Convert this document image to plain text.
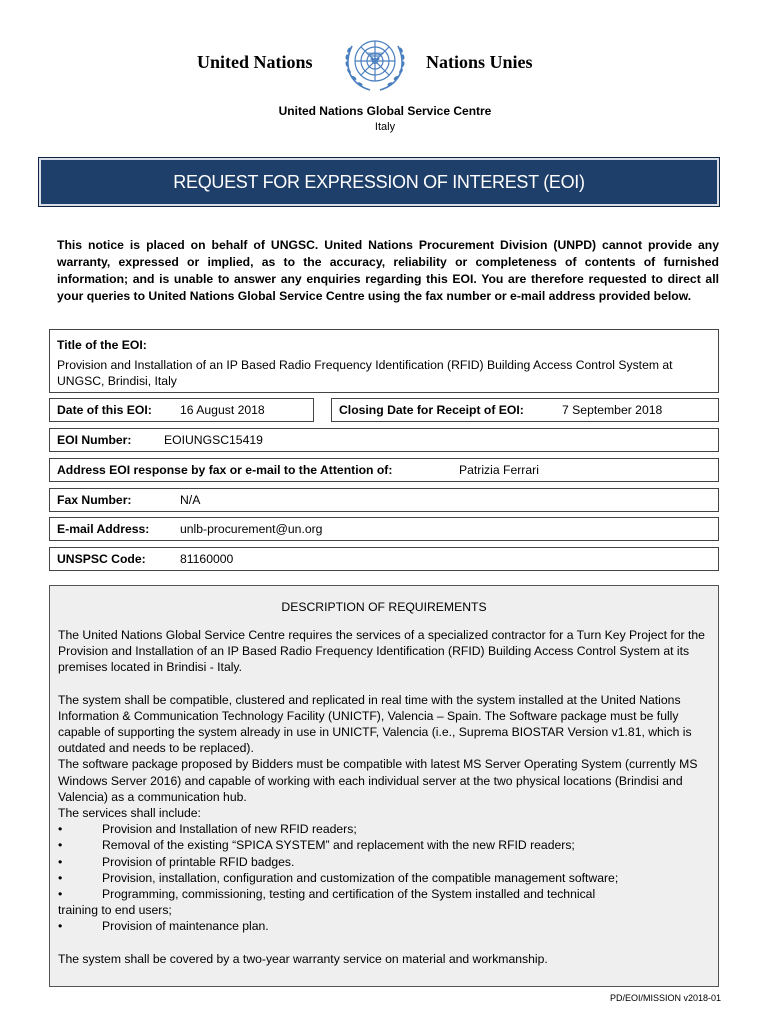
United Nations	Nations Unies
United Nations Global Service Centre
Italy
REQUEST FOR EXPRESSION OF INTEREST (EOI)
This notice is placed on behalf of UNGSC. United Nations Procurement Division (UNPD) cannot provide any warranty, expressed or implied, as to the accuracy, reliability or completeness of contents of furnished information; and is unable to answer any enquiries regarding this EOI. You are therefore requested to direct all your queries to United Nations Global Service Centre using the fax number or e-mail address provided below.
Title of the EOI:
Provision and Installation of an IP Based Radio Frequency Identification (RFID) Building Access Control System at UNGSC, Brindisi, Italy
Date of this EOI: 16 August 2018	Closing Date for Receipt of EOI:	7 September 2018
EOI Number:	EOIUNGSC15419
Address EOI response by fax or e-mail to the Attention of:	Patrizia Ferrari
Fax Number:	N/A
E-mail Address:	unlb-procurement@un.org
UNSPSC Code:	81160000
DESCRIPTION OF REQUIREMENTS
The United Nations Global Service Centre requires the services of a specialized contractor for a Turn Key Project for the Provision and Installation of an IP Based Radio Frequency Identification (RFID) Building Access Control System at its premises located in Brindisi - Italy.
The system shall be compatible, clustered and replicated in real time with the system installed at the United Nations Information & Communication Technology Facility (UNICTF), Valencia – Spain. The Software package must be fully capable of supporting the system already in use in UNICTF, Valencia (i.e., Suprema BIOSTAR Version v1.81, which is outdated and needs to be replaced).
The software package proposed by Bidders must be compatible with latest MS Server Operating System (currently MS Windows Server 2016) and capable of working with each individual server at the two physical locations (Brindisi and Valencia) as a communication hub.
The services shall include:
•	Provision and Installation of new RFID readers;
•	Removal of the existing “SPICA SYSTEM” and replacement with the new RFID readers;
•	Provision of printable RFID badges.
•	Provision, installation, configuration and customization of the compatible management software;
•	Programming, commissioning, testing and certification of the System installed and technical
training to end users;
•	Provision of maintenance plan.
The system shall be covered by a two-year warranty service on material and workmanship.
PD/EOI/MISSION v2018-01
